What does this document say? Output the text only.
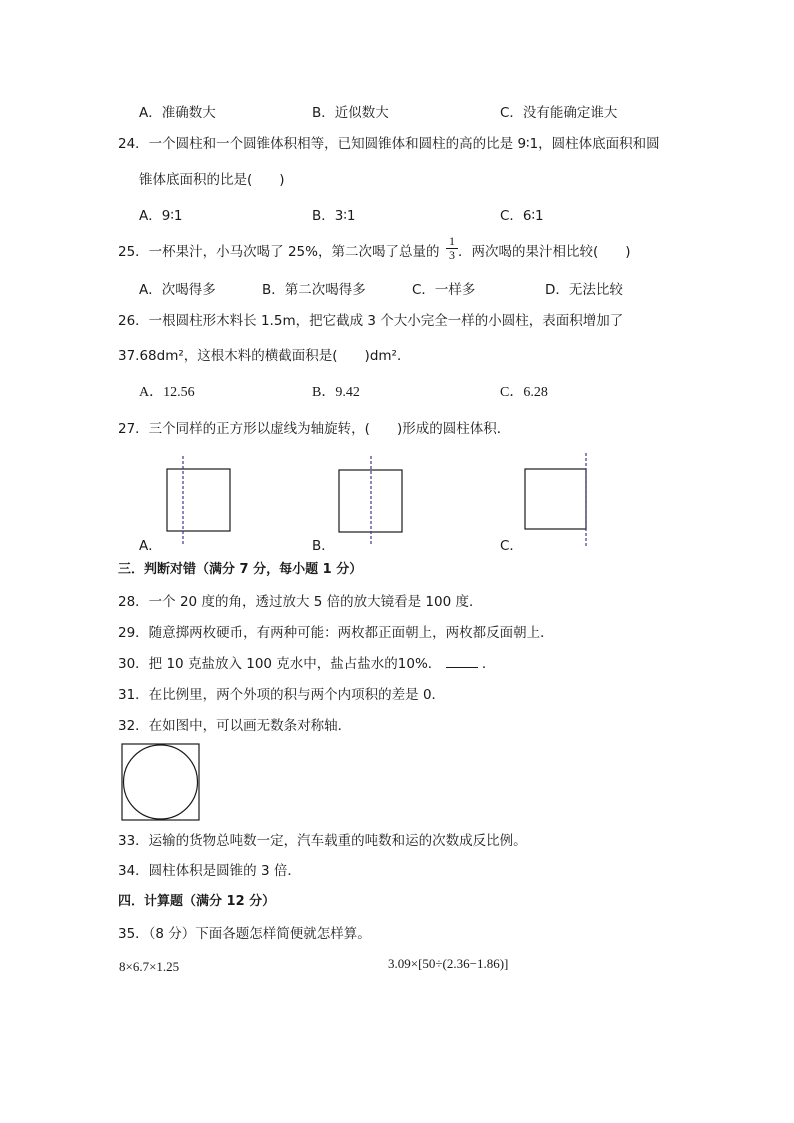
A．准确数大	B．近似数大	C．没有能确定谁大
24．一个圆柱和一个圆锥体积相等，已知圆锥体和圆柱的高的比是 9∶1，圆柱体底面积和圆
锥体底面积的比是(　　)
A．9∶1	B．3∶1	C．6∶1
25．一杯果汁，小马次喝了 25%，第二次喝了总量的
1
3 ．两次喝的果汁相比较(　　)
A．次喝得多	B．第二次喝得多	C．一样多	D．无法比较
26．一根圆柱形木料长 1.5m，把它截成 3 个大小完全一样的小圆柱，表面积增加了
37.68dm²，这根木料的横截面积是(　　)dm²．
A．12.56	B．9.42	C．6.28
27．三个同样的正方形以虚线为轴旋转，(　　)形成的圆柱体积．
A．	B．	C．
三．判断对错（满分 7 分，每小题 1 分）
28．一个 20 度的角，透过放大 5 倍的放大镜看是 100 度．
29．随意掷两枚硬币，有两种可能：两枚都正面朝上，两枚都反面朝上．
30．把 10 克盐放入 100 克水中，盐占盐水的10%．	．
31．在比例里，两个外项的积与两个内项积的差是 0．
32．在如图中，可以画无数条对称轴．
33．运输的货物总吨数一定，汽车载重的吨数和运的次数成反比例。
34．圆柱体积是圆锥的 3 倍．
四．计算题（满分 12 分）
35．（8 分）下面各题怎样简便就怎样算。
8×6.7×1.25	3.09×[50÷(2.36−1.86)]
